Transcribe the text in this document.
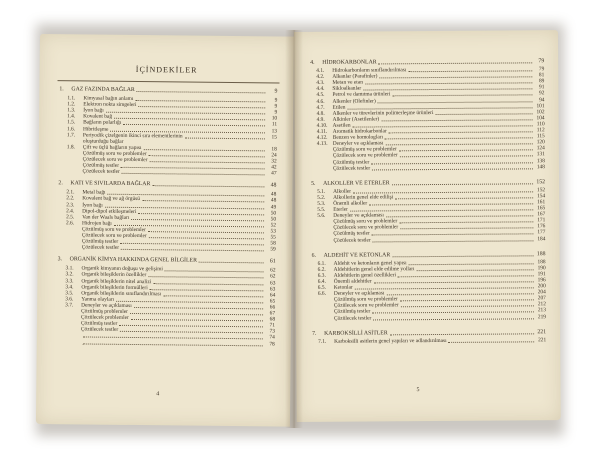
İÇİNDEKİLER
1.	GAZ FAZINDA BAĞLAR	9
1.1.	Kimyasal bağın anlamı	9
1.2.	Elektron nokta simgeleri	9
1.3.	İyon bağı	9
1.4.	Kovalent bağ	10
1.5.	Bağların polarlığı	11
1.6.	Hibritleşme	13
1.7.	Periyodik çizelgenin ikinci sıra elementlerinin	15
oluşturduğu bağlar
1.8.	Çift ve üçlü bağların yapısı	18
Çözülmüş soru ve problemler	24
Çözülecek soru ve problemler	32
Çözülmüş testler	42
Çözülecek testler	47
2.	KATI VE SIVILARDA BAĞLAR	48
2.1.	Metal bağı	48
2.2.	Kovalent bağ ve ağ örgüsü	48
2.3.	İyon bağı	49
2.4.	Dipol-dipol etkileşmeleri	50
2.5.	Van der Waals bağları	50
2.6.	Hidrojen bağı	52
Çözülmüş soru ve problemler	53
Çözülecek soru ve problemler	55
Çözülmüş testler	58
Çözülecek testler	59
3.	ORGANİK KİMYA HAKKINDA GENEL BİLGİLER	61
3.1.	Organik kimyanın doğuşu ve gelişimi	62
3.2.	Organik bileşiklerin özellikler	62
3.3.	Organik bileşiklerin nitel analizi	63
3.4.	Organik bileşiklerin formülleri	63
3.5.	Organik bileşiklerin sınıflandırılması	64
3.6.	Yanma olayları	65
3.7.	Deneyler ve açıklaması	66
Çözülmüş problemler	67
Çözülecek problemler	68
Çözülmüş testler	71
Çözülecek testler	73
74
78
4
4.	HİDROKARBONLAR	79
4.1.	Hidrokarbonların sınıflandırılması	79
4.2.	Alkanlar (Parafinler)	81
4.3.	Metan ve etan	89
4.4.	Sikloalkanlar	91
4.5.	Petrol ve damıtma ürünleri	92
4.6.	Alkenler (Olefinler)	94
4.7.	Etilen	101
4.8.	Alkenler ve türevlerinin polimerleşme ürünleri	102
4.9.	Alkinler (Asetilenler)	104
4.10. Asetilen	110
4.11. Aromatik hidrokarbonlar	112
4.12. Benzen ve homologları	115
4.13. Deneyler ve açıklaması	120
Çözülmüş soru ve problemler	124
Çözülecek soru ve problemler	131
Çözülmüş testler	138
Çözülecek testler	148
5.	ALKOLLER VE ETERLER	152
5.1.	Alkoller	152
5.2.	Alkollerin genel elde edilişi	154
5.3.	Önemli alkoller	161
5.5.	Eterler	165
5.6.	Deneyler ve açıklaması	167
Çözülmüş soru ve problemler	171
Çözülecek soru ve problemler	176
Çözülmüş testler	177
Çözülecek testler	184
6.	ALDEHİT VE KETONLAR	188
6.1.	Aldehit ve ketonların genel yapısı	188
6.2.	Aldehitlerin genel elde edilme yolları	190
6.3.	Aldehitlerin genel özellikleri	191
6.4.	Önemli aldehitler	196
6.5.	Ketonlar	200
6.6.	Deneyler ve açıklaması	204
Çözülmüş soru ve problemler	207
Çözülecek soru ve problemler	212
Çözülmüş testler	213
Çözülecek testler	219
7.	KARBOKSİLLİ ASİTLER	221
7.1.	Karboksilli asitlerin genel yapıları ve adlandırılması	221
5
